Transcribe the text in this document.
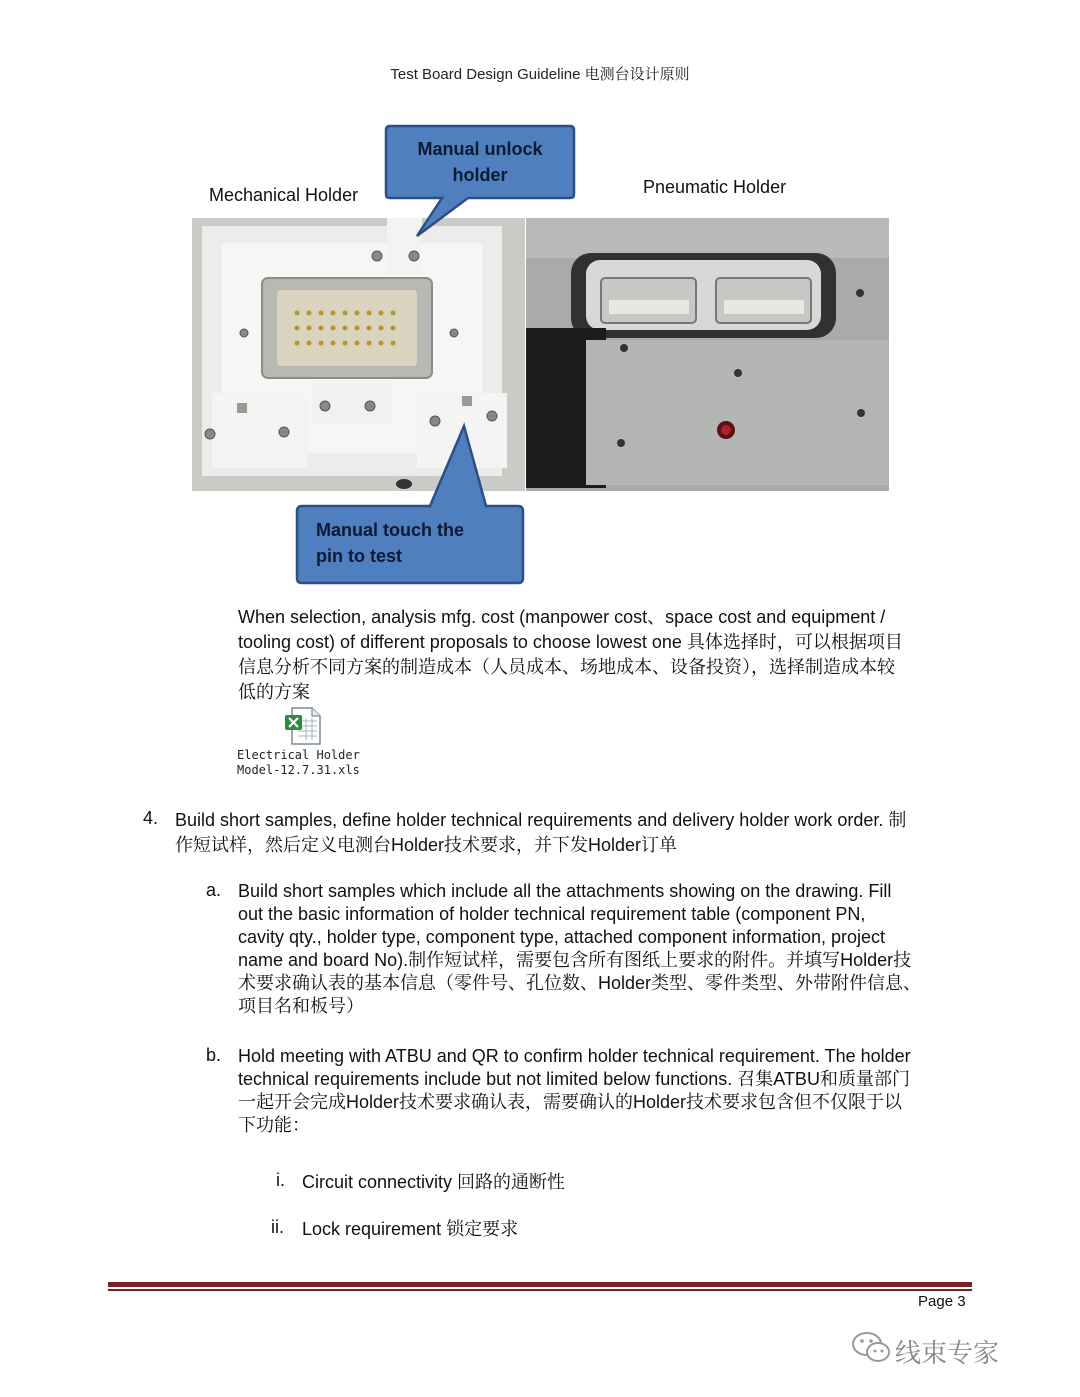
Test Board Design Guideline 电测台设计原则
Mechanical Holder	Pneumatic Holder
Manual unlock
holder
Manual touch the
pin to test
When selection, analysis mfg. cost (manpower cost、space cost and equipment /
tooling cost) of different proposals to choose lowest one 具体选择时，可以根据项目
信息分析不同方案的制造成本（人员成本、场地成本、设备投资），选择制造成本较
低的方案
Electrical Holder
Model-12.7.31.xls
4. Build short samples, define holder technical requirements and delivery holder work order. 制
作短试样，然后定义电测台Holder技术要求，并下发Holder订单
a. Build short samples which include all the attachments showing on the drawing. Fill
out the basic information of holder technical requirement table (component PN,
cavity qty., holder type, component type, attached component information, project
name and board No).制作短试样，需要包含所有图纸上要求的附件。并填写Holder技
术要求确认表的基本信息（零件号、孔位数、Holder类型、零件类型、外带附件信息、
项目名和板号）
b. Hold meeting with ATBU and QR to confirm holder technical requirement. The holder
technical requirements include but not limited below functions. 召集ATBU和质量部门
一起开会完成Holder技术要求确认表，需要确认的Holder技术要求包含但不仅限于以
下功能：
i. Circuit connectivity 回路的通断性
ii. Lock requirement 锁定要求
Page 3
线束专家
